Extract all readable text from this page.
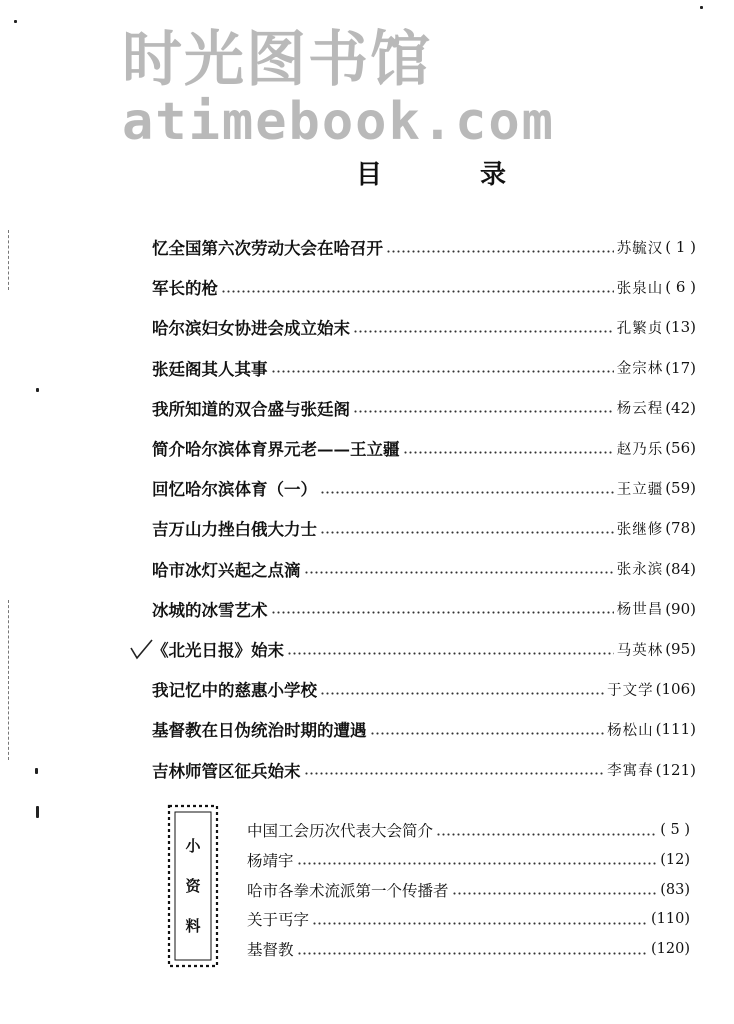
时光图书馆
atimebook.com
目	录
忆全国第六次劳动大会在哈召开	苏毓汉 ( 1 )
军长的枪	张泉山 ( 6 )
哈尔滨妇女协进会成立始末	孔繁贞 (13)
张廷阁其人其事	金宗林 (17)
我所知道的双合盛与张廷阁	杨云程 (42)
简介哈尔滨体育界元老——王立疆	赵乃乐 (56)
回忆哈尔滨体育（一）	王立疆 (59)
吉万山力挫白俄大力士	张继修 (78)
哈市冰灯兴起之点滴	张永滨 (84)
冰城的冰雪艺术	杨世昌 (90)
《北光日报》始末	马英林 (95)
我记忆中的慈惠小学校	于文学 (106)
基督教在日伪统治时期的遭遇	杨松山 (111)
吉林师管区征兵始末	李寓春 (121)
小
资
料
中国工会历次代表大会简介	( 5 )
杨靖宇	(12)
哈市各拳术流派第一个传播者	(83)
关于丐字	(110)
基督教	(120)
